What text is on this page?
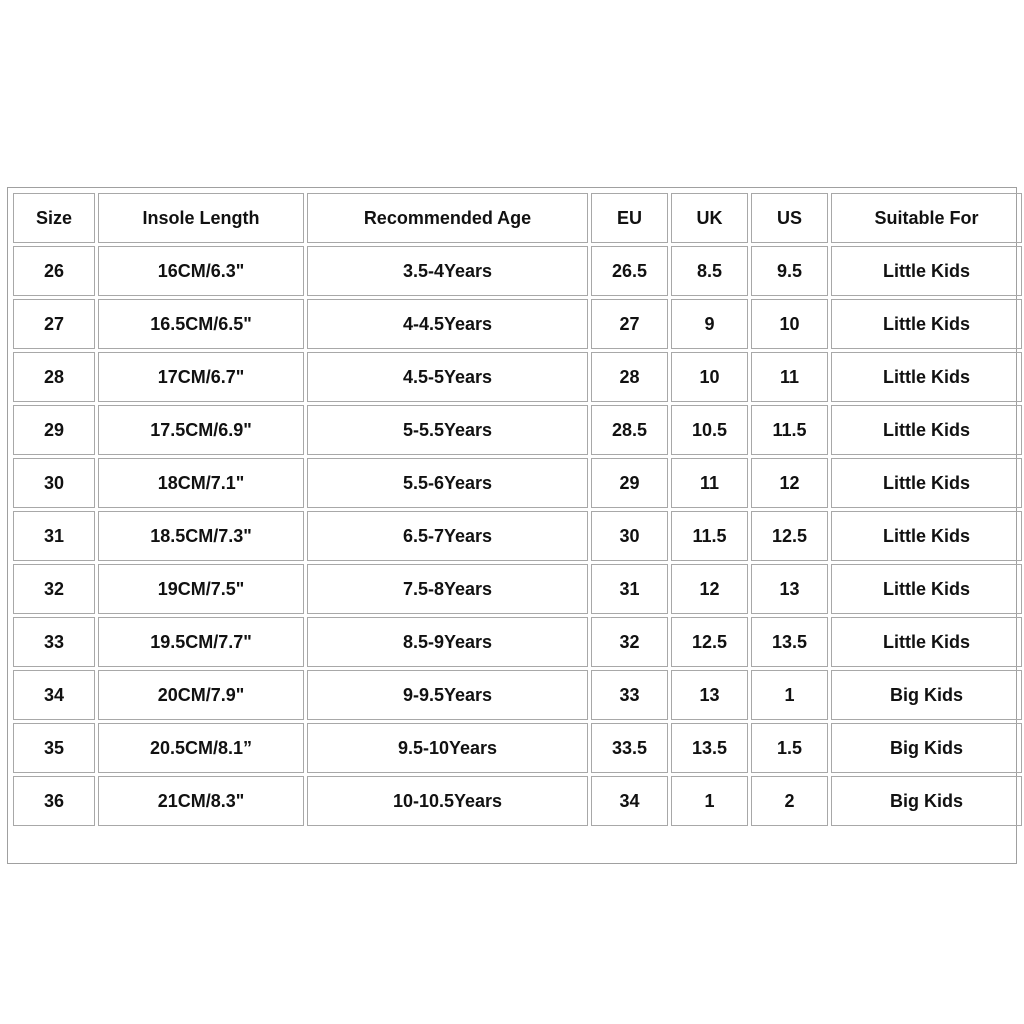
Size	Insole Length	Recommended Age	EU	UK	US	Suitable For
26	16CM/6.3"	3.5-4Years	26.5	8.5	9.5	Little Kids
27	16.5CM/6.5"	4-4.5Years	27	9	10	Little Kids
28	17CM/6.7"	4.5-5Years	28	10	11	Little Kids
29	17.5CM/6.9"	5-5.5Years	28.5	10.5	11.5	Little Kids
30	18CM/7.1"	5.5-6Years	29	11	12	Little Kids
31	18.5CM/7.3"	6.5-7Years	30	11.5	12.5	Little Kids
32	19CM/7.5"	7.5-8Years	31	12	13	Little Kids
33	19.5CM/7.7"	8.5-9Years	32	12.5	13.5	Little Kids
34	20CM/7.9"	9-9.5Years	33	13	1	Big Kids
35	20.5CM/8.1”	9.5-10Years	33.5	13.5	1.5	Big Kids
36	21CM/8.3"	10-10.5Years	34	1	2	Big Kids
